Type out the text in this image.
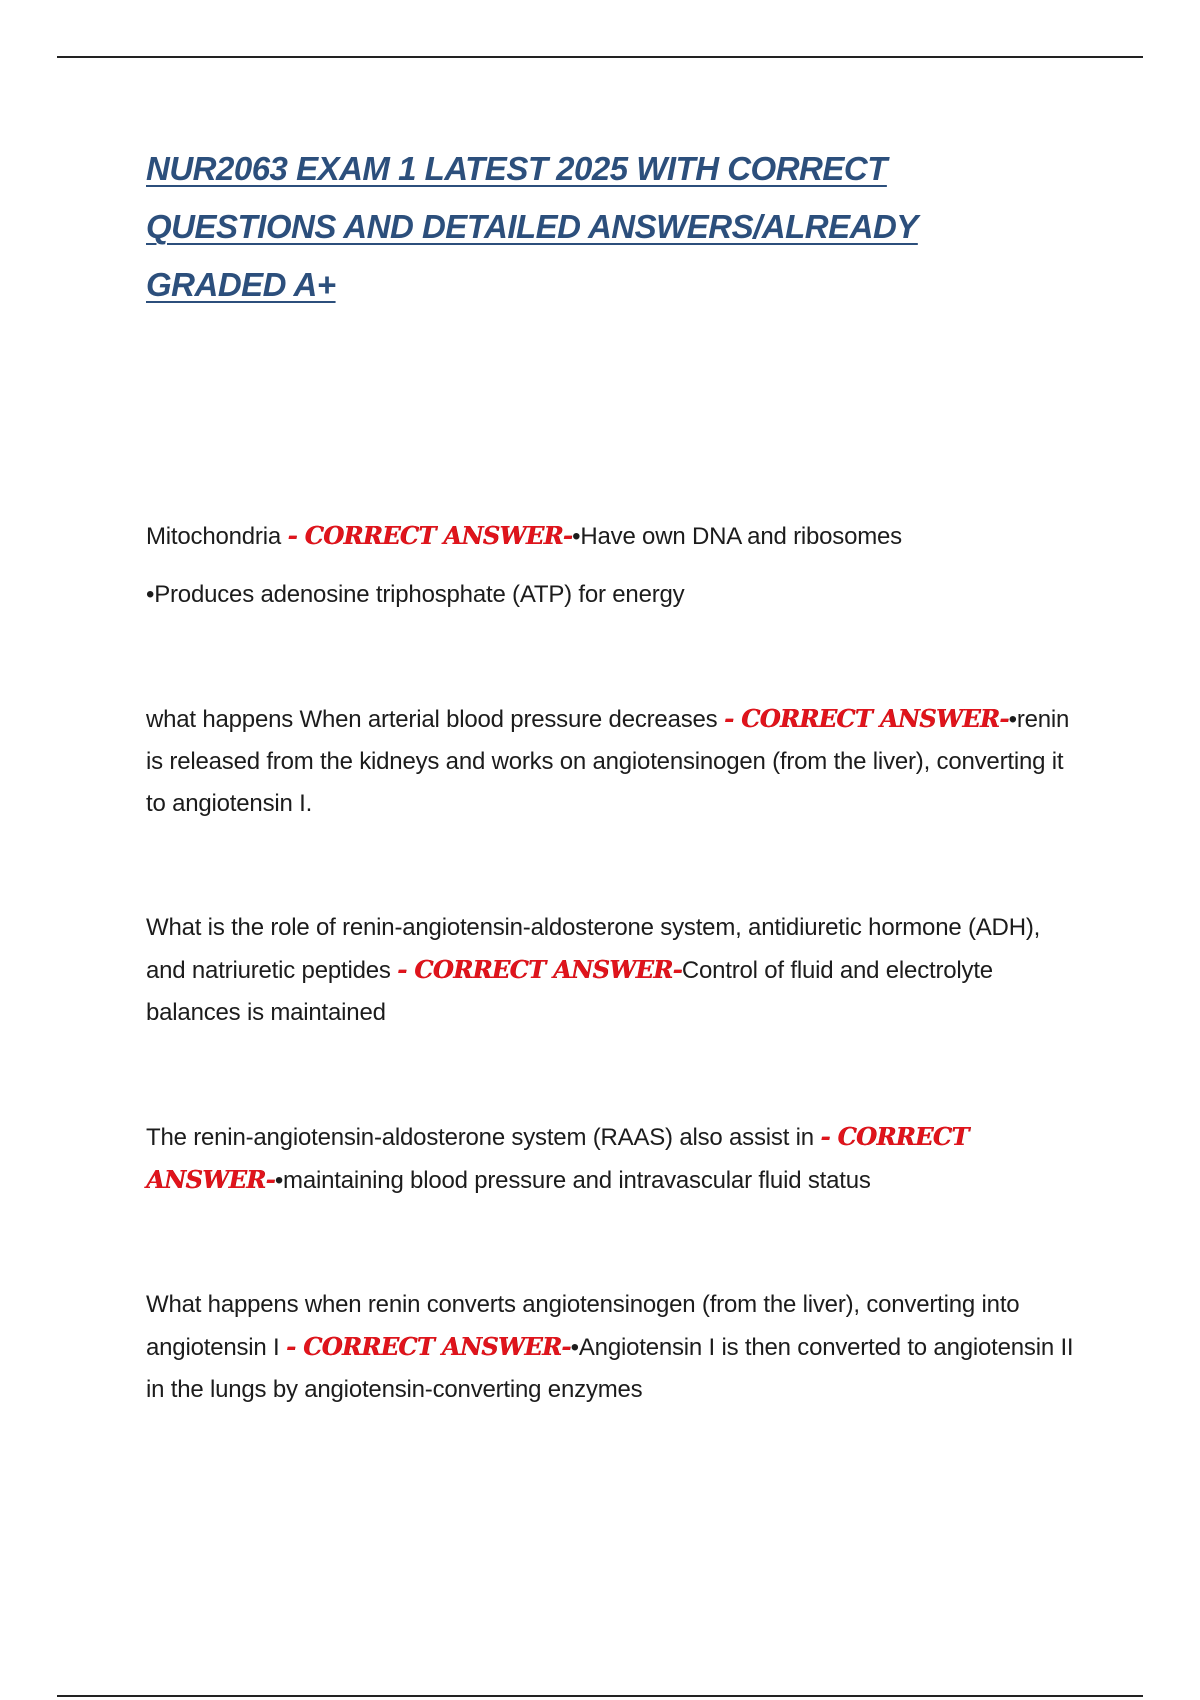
NUR2063 EXAM 1 LATEST 2025 WITH CORRECT QUESTIONS AND DETAILED ANSWERS/ALREADY GRADED A+

Mitochondria - CORRECT ANSWER-•Have own DNA and ribosomes
•Produces adenosine triphosphate (ATP) for energy

what happens When arterial blood pressure decreases - CORRECT ANSWER-•renin is released from the kidneys and works on angiotensinogen (from the liver), converting it to angiotensin I.

What is the role of renin-angiotensin-aldosterone system, antidiuretic hormone (ADH), and natriuretic peptides - CORRECT ANSWER-Control of fluid and electrolyte balances is maintained

The renin-angiotensin-aldosterone system (RAAS) also assist in - CORRECT ANSWER-•maintaining blood pressure and intravascular fluid status

What happens when renin converts angiotensinogen (from the liver), converting into angiotensin I - CORRECT ANSWER-•Angiotensin I is then converted to angiotensin II in the lungs by angiotensin-converting enzymes
